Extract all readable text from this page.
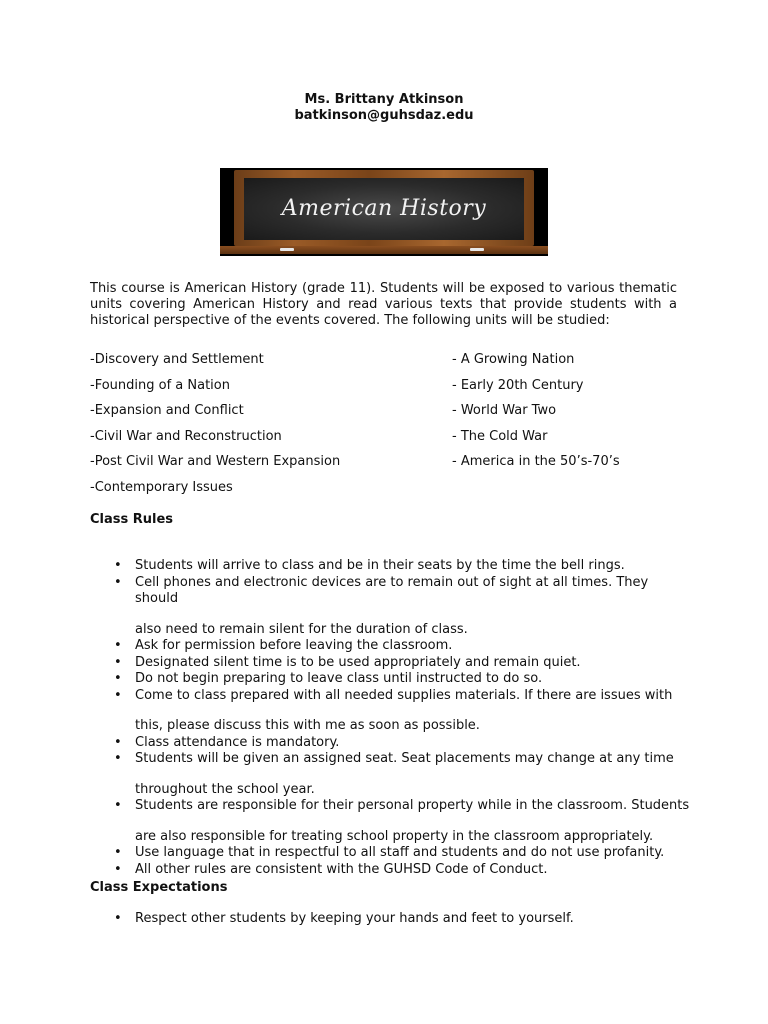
Ms. Brittany Atkinson
batkinson@guhsdaz.edu
American History
This course is American History (grade 11). Students will be exposed to various thematic units covering American History and read various texts that provide students with a historical perspective of the events covered. The following units will be studied:
-Discovery and Settlement
-Founding of a Nation
-Expansion and Conflict
-Civil War and Reconstruction
-Post Civil War and Western Expansion
-Contemporary Issues
- A Growing Nation
- Early 20th Century
- World War Two
- The Cold War
- America in the 50’s-70’s
Class Rules
• Students will arrive to class and be in their seats by the time the bell rings.
• Cell phones and electronic devices are to remain out of sight at all times. They should
also need to remain silent for the duration of class.
• Ask for permission before leaving the classroom.
• Designated silent time is to be used appropriately and remain quiet.
• Do not begin preparing to leave class until instructed to do so.
• Come to class prepared with all needed supplies materials. If there are issues with
this, please discuss this with me as soon as possible.
• Class attendance is mandatory.
• Students will be given an assigned seat. Seat placements may change at any time
throughout the school year.
• Students are responsible for their personal property while in the classroom. Students
are also responsible for treating school property in the classroom appropriately.
• Use language that in respectful to all staff and students and do not use profanity.
• All other rules are consistent with the GUHSD Code of Conduct.
Class Expectations
• Respect other students by keeping your hands and feet to yourself.
